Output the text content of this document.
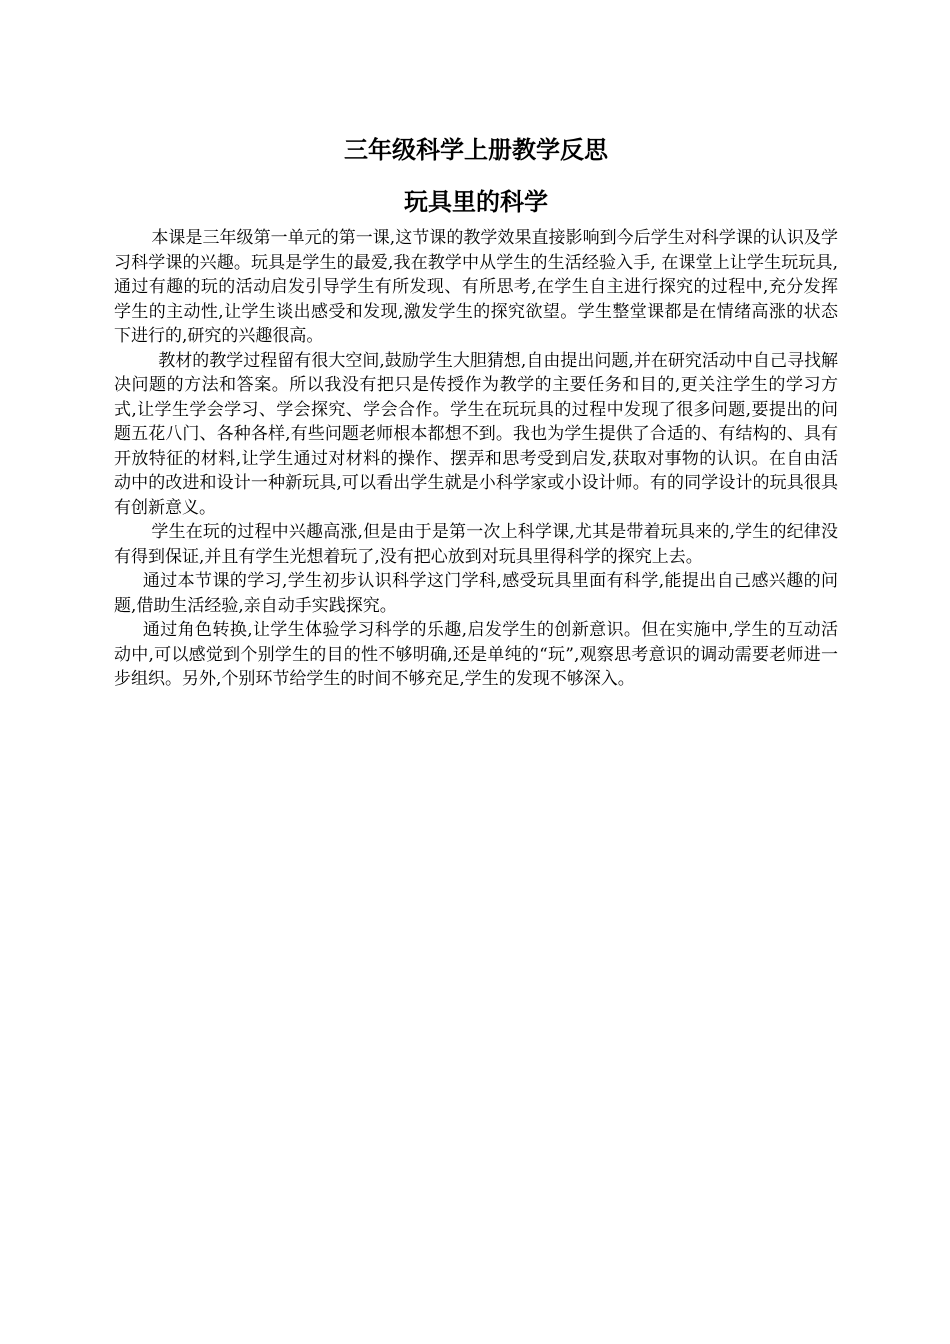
三年级科学上册教学反思
玩具里的科学

本课是三年级第一单元的第一课,这节课的教学效果直接影响到今后学生对科学课的认识及学习科学课的兴趣。玩具是学生的最爱,我在教学中从学生的生活经验入手, 在课堂上让学生玩玩具,通过有趣的玩的活动启发引导学生有所发现、有所思考,在学生自主进行探究的过程中,充分发挥学生的主动性,让学生谈出感受和发现,激发学生的探究欲望。学生整堂课都是在情绪高涨的状态下进行的,研究的兴趣很高。

教材的教学过程留有很大空间,鼓励学生大胆猜想,自由提出问题,并在研究活动中自己寻找解决问题的方法和答案。所以我没有把只是传授作为教学的主要任务和目的,更关注学生的学习方式,让学生学会学习、学会探究、学会合作。学生在玩玩具的过程中发现了很多问题,要提出的问题五花八门、各种各样,有些问题老师根本都想不到。我也为学生提供了合适的、有结构的、具有开放特征的材料,让学生通过对材料的操作、摆弄和思考受到启发,获取对事物的认识。在自由活动中的改进和设计一种新玩具,可以看出学生就是小科学家或小设计师。有的同学设计的玩具很具有创新意义。

学生在玩的过程中兴趣高涨,但是由于是第一次上科学课,尤其是带着玩具来的,学生的纪律没有得到保证,并且有学生光想着玩了,没有把心放到对玩具里得科学的探究上去。

通过本节课的学习,学生初步认识科学这门学科,感受玩具里面有科学,能提出自己感兴趣的问题,借助生活经验,亲自动手实践探究。

通过角色转换,让学生体验学习科学的乐趣,启发学生的创新意识。但在实施中,学生的互动活动中,可以感觉到个别学生的目的性不够明确,还是单纯的“玩”,观察思考意识的调动需要老师进一步组织。另外,个别环节给学生的时间不够充足,学生的发现不够深入。
